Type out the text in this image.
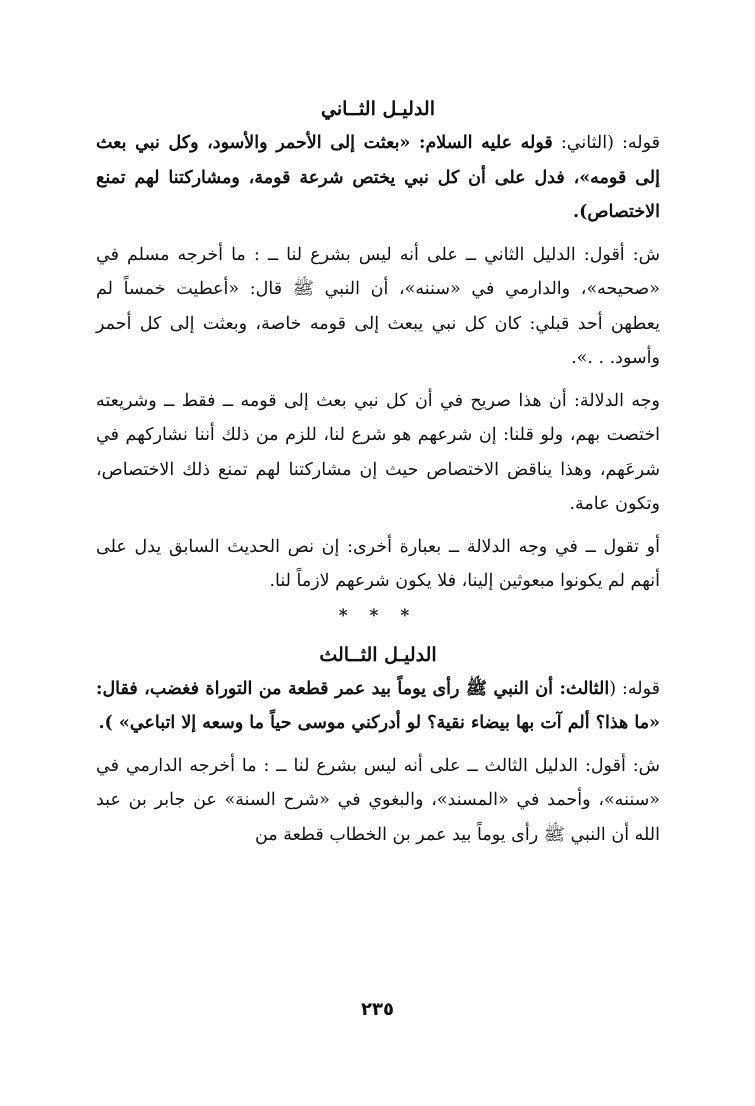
الدليـل الثــاني

قوله: (الثاني: قوله عليه السلام: «بعثت إلى الأحمر والأسود، وكل نبي بعث إلى قومه»، فدل على أن كل نبي يختص شرعة قومة، ومشاركتنا لهم تمنع الاختصاص).

ش: أقول: الدليل الثاني ــ على أنه ليس بشرع لنا ــ : ما أخرجه مسلم في «صحيحه»، والدارمي في «سننه»، أن النبي ﷺ قال: «أعطيت خمساً لم يعطهن أحد قبلي: كان كل نبي يبعث إلى قومه خاصة، وبعثت إلى كل أحمر وأسود. . .».

وجه الدلالة: أن هذا صريح في أن كل نبي بعث إلى قومه ــ فقط ــ وشريعته اختصت بهم، ولو قلنا: إن شرعهم هو شرع لنا، للزم من ذلك أننا نشاركهم في شرعَهم، وهذا يناقض الاختصاص حيث إن مشاركتنا لهم تمنع ذلك الاختصاص، وتكون عامة.

أو تقول ــ في وجه الدلالة ــ بعبارة أخرى: إن نص الحديث السابق يدل على أنهم لم يكونوا مبعوثين إلينا، فلا يكون شرعهم لازماً لنا.

* * *
الدليـل الثــالث

قوله: (الثالث: أن النبي ﷺ رأى يوماً بيد عمر قطعة من التوراة فغضب، فقال: «ما هذا؟ ألم آت بها بيضاء نقية؟ لو أدركني موسى حياً ما وسعه إلا اتباعي» ).

ش: أقول: الدليل الثالث ــ على أنه ليس بشرع لنا ــ : ما أخرجه الدارمي في «سننه»، وأحمد في «المسند»، والبغوي في «شرح السنة» عن جابر بن عبد الله أن النبي ﷺ رأى يوماً بيد عمر بن الخطاب قطعة من

٢٣٥
